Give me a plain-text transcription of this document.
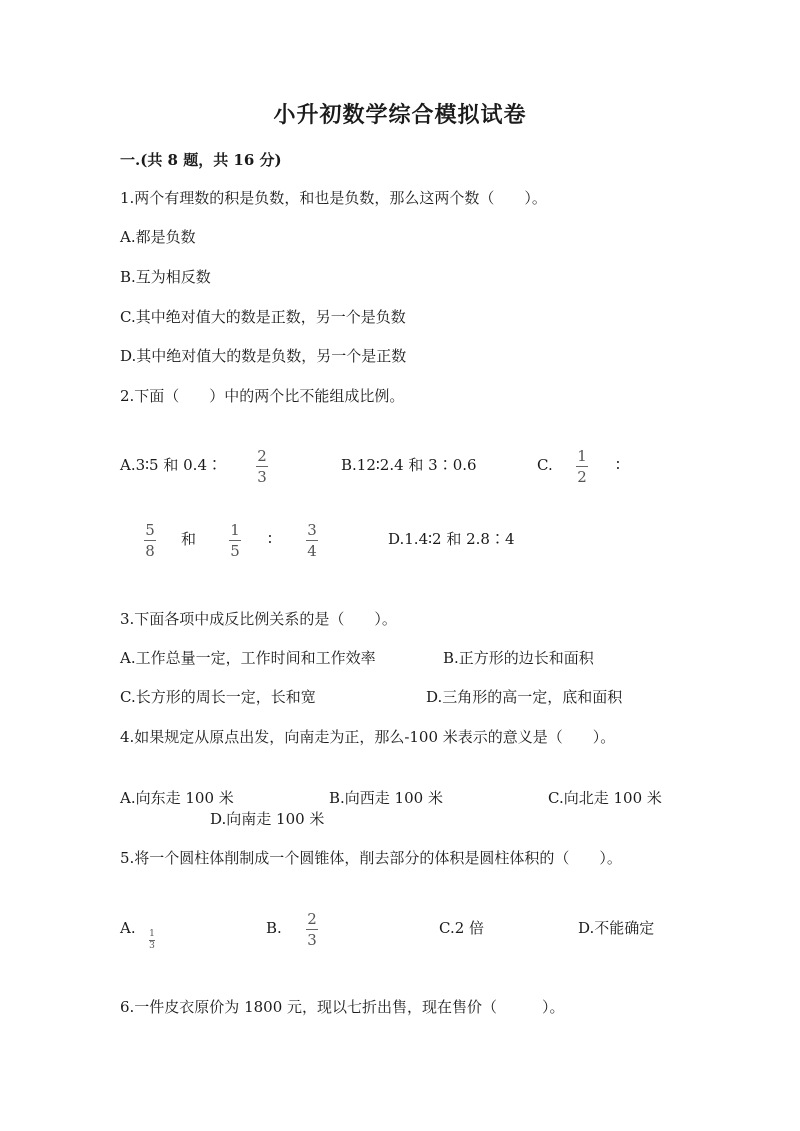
小升初数学综合模拟试卷
一.(共 8 题，共 16 分)
1.两个有理数的积是负数，和也是负数，那么这两个数（　　）。
A.都是负数
B.互为相反数
C.其中绝对值大的数是正数，另一个是负数
D.其中绝对值大的数是负数，另一个是正数
2.下面（　　）中的两个比不能组成比例。
A.3∶5 和 0.4∶ 2
3
B.12∶2.4 和 3∶0.6	C. 1
2
∶
5
8
和 1
5
∶ 3
4
D.1.4∶2 和 2.8∶4
3.下面各项中成反比例关系的是（　　）。
A.工作总量一定，工作时间和工作效率	B.正方形的边长和面积
C.长方形的周长一定，长和宽	D.三角形的高一定，底和面积
4.如果规定从原点出发，向南走为正，那么-100 米表示的意义是（　　）。
A.向东走 100 米	B.向西走 100 米	C.向北走 100 米
D.向南走 100 米
5.将一个圆柱体削制成一个圆锥体，削去部分的体积是圆柱体积的（　　）。
A. 1
3
B. 2
3
C.2 倍	D.不能确定
6.一件皮衣原价为 1800 元，现以七折出售，现在售价（　　　）。
